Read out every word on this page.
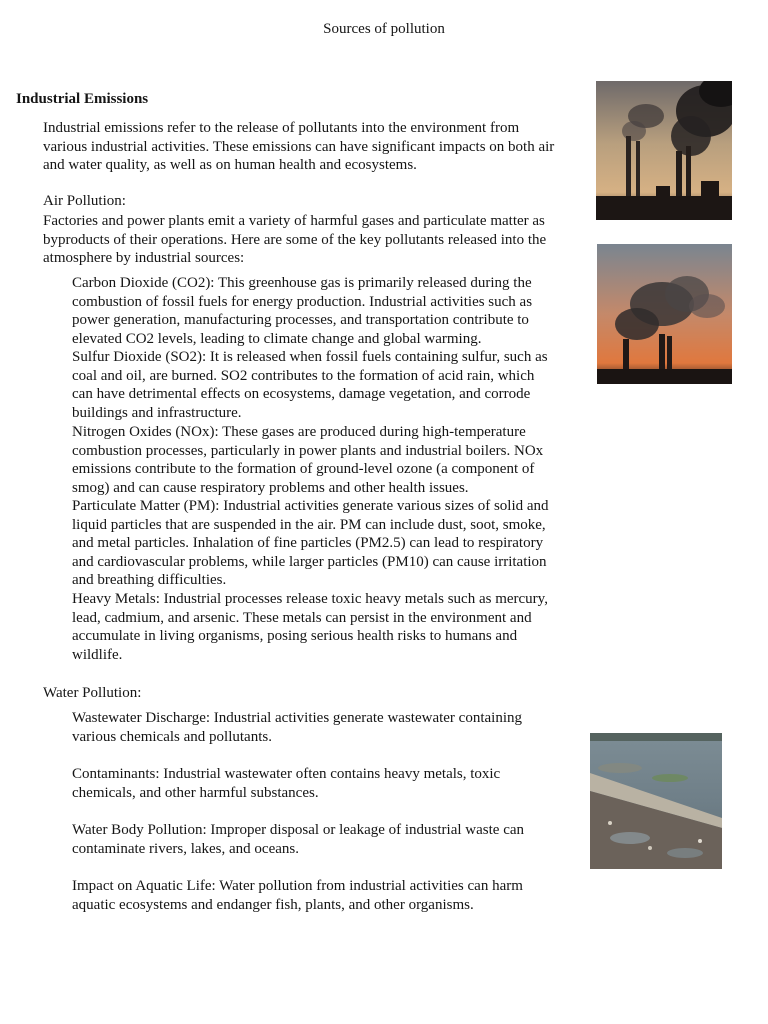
Sources of pollution
Industrial Emissions

Industrial emissions refer to the release of pollutants into the environment from various industrial activities. These emissions can have significant impacts on both air and water quality, as well as on human health and ecosystems.

Air Pollution:

Factories and power plants emit a variety of harmful gases and particulate matter as byproducts of their operations. Here are some of the key pollutants released into the atmosphere by industrial sources:

Carbon Dioxide (CO2): This greenhouse gas is primarily released during the combustion of fossil fuels for energy production. Industrial activities such as power generation, manufacturing processes, and transportation contribute to elevated CO2 levels, leading to climate change and global warming.

Sulfur Dioxide (SO2): It is released when fossil fuels containing sulfur, such as coal and oil, are burned. SO2 contributes to the formation of acid rain, which can have detrimental effects on ecosystems, damage vegetation, and corrode buildings and infrastructure.

Nitrogen Oxides (NOx): These gases are produced during high-temperature combustion processes, particularly in power plants and industrial boilers. NOx emissions contribute to the formation of ground-level ozone (a component of smog) and can cause respiratory problems and other health issues.

Particulate Matter (PM): Industrial activities generate various sizes of solid and liquid particles that are suspended in the air. PM can include dust, soot, smoke, and metal particles. Inhalation of fine particles (PM2.5) can lead to respiratory and cardiovascular problems, while larger particles (PM10) can cause irritation and breathing difficulties.

Heavy Metals: Industrial processes release toxic heavy metals such as mercury, lead, cadmium, and arsenic. These metals can persist in the environment and accumulate in living organisms, posing serious health risks to humans and wildlife.

Water Pollution:

Wastewater Discharge: Industrial activities generate wastewater containing various chemicals and pollutants.

Contaminants: Industrial wastewater often contains heavy metals, toxic chemicals, and other harmful substances.

Water Body Pollution: Improper disposal or leakage of industrial waste can contaminate rivers, lakes, and oceans.

Impact on Aquatic Life: Water pollution from industrial activities can harm aquatic ecosystems and endanger fish, plants, and other organisms.
